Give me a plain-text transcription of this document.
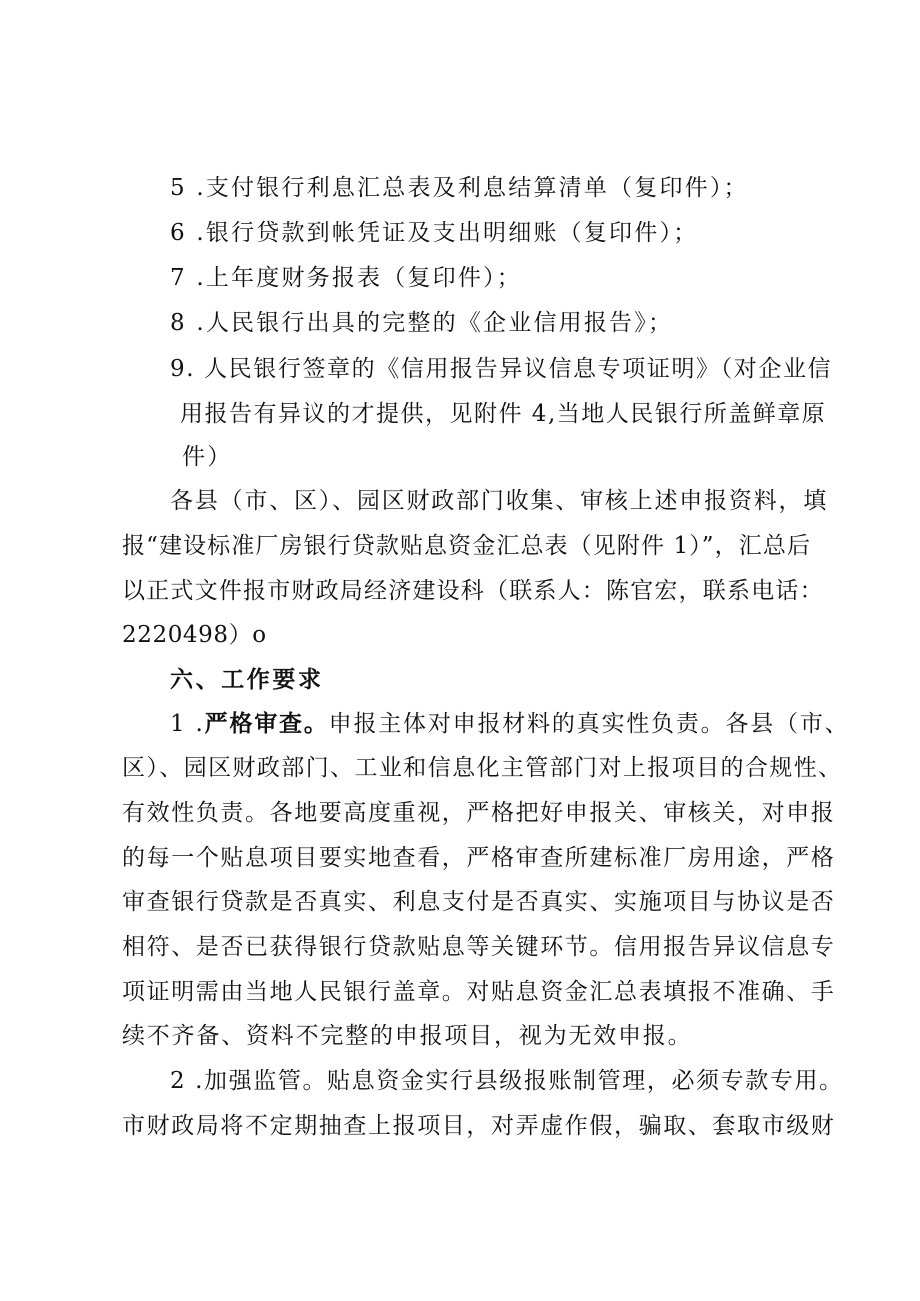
5 .支付银行利息汇总表及利息结算清单（复印件）；
6 .银行贷款到帐凭证及支出明细账（复印件）；
7 .上年度财务报表（复印件）；
8 .人民银行出具的完整的《企业信用报告》；
9. 人民银行签章的《信用报告异议信息专项证明》（对企业信
用报告有异议的才提供，见附件 4,当地人民银行所盖鲜章原
件）
各县（市、区）、园区财政部门收集、审核上述申报资料，填
报“建设标准厂房银行贷款贴息资金汇总表（见附件 1）”，汇总后
以正式文件报市财政局经济建设科（联系人：陈官宏，联系电话：
2220498）o
六、工作要求
1 .严格审查。申报主体对申报材料的真实性负责。各县（市、
区）、园区财政部门、工业和信息化主管部门对上报项目的合规性、
有效性负责。各地要高度重视，严格把好申报关、审核关，对申报
的每一个贴息项目要实地查看，严格审查所建标准厂房用途，严格
审查银行贷款是否真实、利息支付是否真实、实施项目与协议是否
相符、是否已获得银行贷款贴息等关键环节。信用报告异议信息专
项证明需由当地人民银行盖章。对贴息资金汇总表填报不准确、手
续不齐备、资料不完整的申报项目，视为无效申报。
2 .加强监管。贴息资金实行县级报账制管理，必须专款专用。
市财政局将不定期抽查上报项目，对弄虚作假，骗取、套取市级财
